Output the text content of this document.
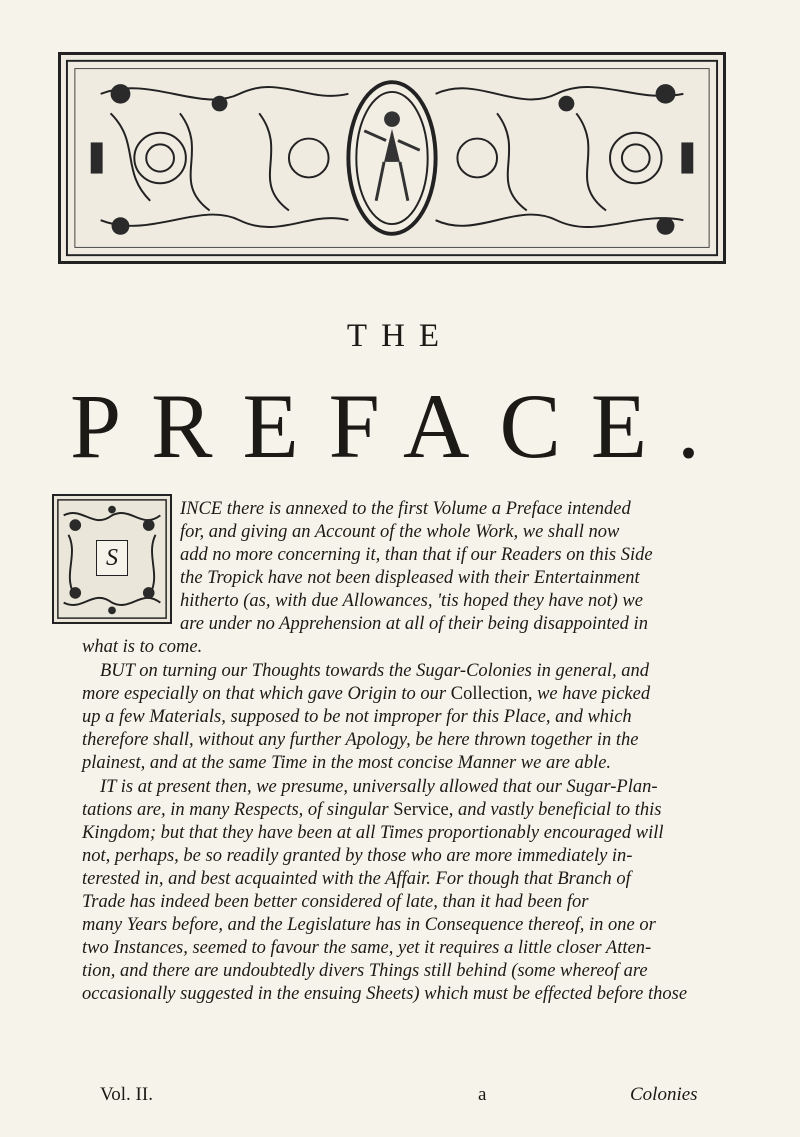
THE
PREFACE.
S
INCE there is annexed to the first Volume a Preface intended
for, and giving an Account of the whole Work, we shall now
add no more concerning it, than that if our Readers on this Side
the Tropick have not been displeased with their Entertainment
hitherto (as, with due Allowances, 'tis hoped they have not) we
are under no Apprehension at all of their being disappointed in
what is to come.
BUT on turning our Thoughts towards the Sugar-Colonies in general, and
more especially on that which gave Origin to our Collection, we have picked
up a few Materials, supposed to be not improper for this Place, and which
therefore shall, without any further Apology, be here thrown together in the
plainest, and at the same Time in the most concise Manner we are able.
IT is at present then, we presume, universally allowed that our Sugar-Plan-
tations are, in many Respects, of singular Service, and vastly beneficial to this
Kingdom; but that they have been at all Times proportionably encouraged will
not, perhaps, be so readily granted by those who are more immediately in-
terested in, and best acquainted with the Affair. For though that Branch of
Trade has indeed been better considered of late, than it had been for
many Years before, and the Legislature has in Consequence thereof, in one or
two Instances, seemed to favour the same, yet it requires a little closer Atten-
tion, and there are undoubtedly divers Things still behind (some whereof are
occasionally suggested in the ensuing Sheets) which must be effected before those
Vol. II.	a	Colonies
